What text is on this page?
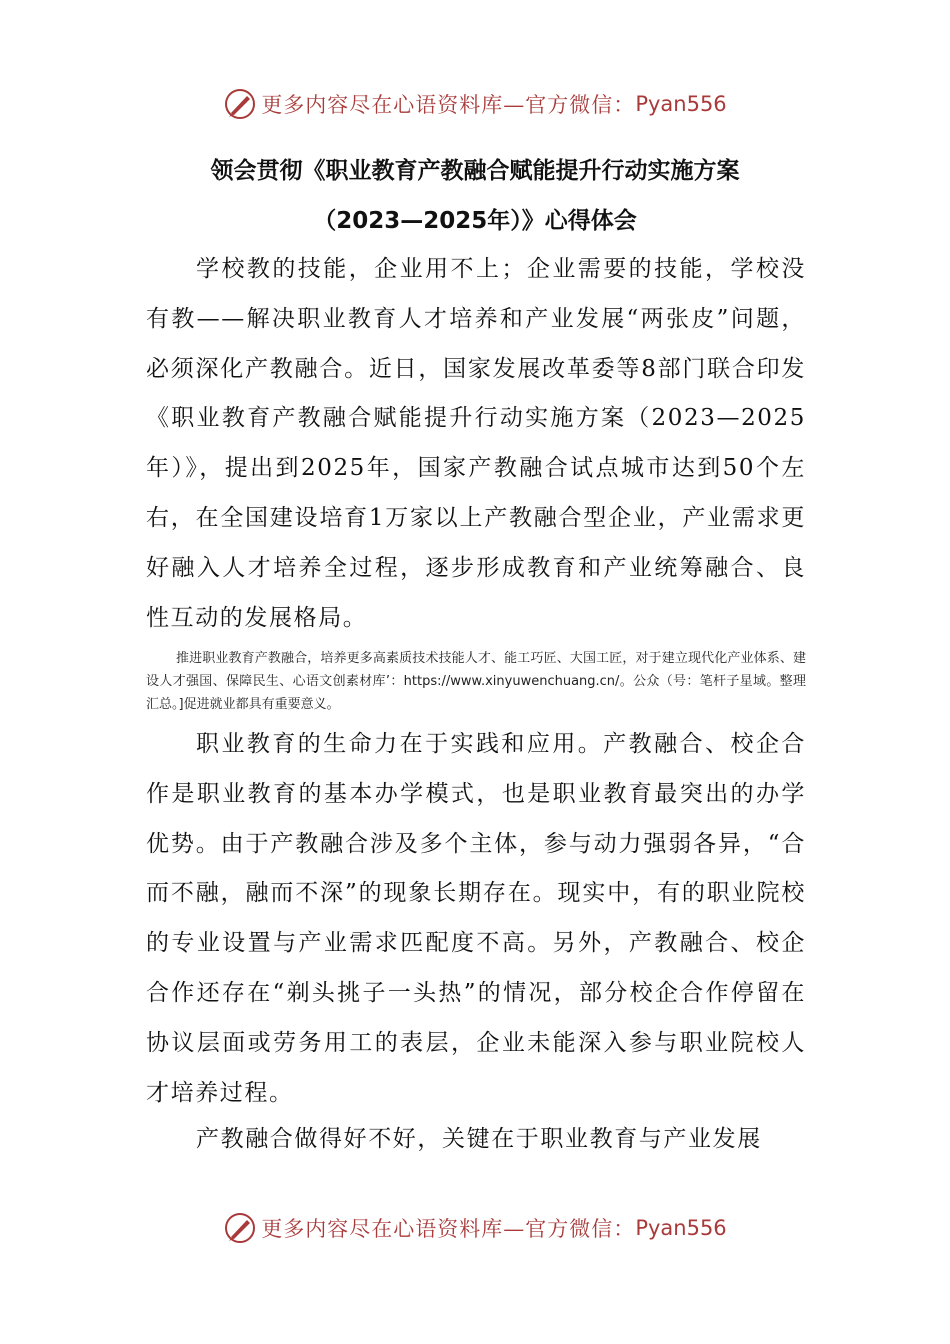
更多内容尽在心语资料库—官方微信： Pyan556
领会贯彻《职业教育产教融合赋能提升行动实施方案
（2023—2025年）》心得体会

学校教的技能，企业用不上；企业需要的技能，学校没有教——解决职业教育人才培养和产业发展“两张皮”问题，必须深化产教融合。近日，国家发展改革委等8部门联合印发《职业教育产教融合赋能提升行动实施方案（2023—2025年）》，提出到2025年，国家产教融合试点城市达到50个左右，在全国建设培育1万家以上产教融合型企业，产业需求更好融入人才培养全过程，逐步形成教育和产业统筹融合、良性互动的发展格局。

推进职业教育产教融合，培养更多高素质技术技能人才、能工巧匠、大国工匠，对于建立现代化产业体系、建设人才强国、保障民生、心语文创素材库’：https://www.xinyuwenchuang.cn/。公众（号：笔杆子星域。整理汇总。]促进就业都具有重要意义。

职业教育的生命力在于实践和应用。产教融合、校企合作是职业教育的基本办学模式，也是职业教育最突出的办学优势。由于产教融合涉及多个主体，参与动力强弱各异，“合而不融，融而不深”的现象长期存在。现实中，有的职业院校的专业设置与产业需求匹配度不高。另外，产教融合、校企合作还存在“剃头挑子一头热”的情况，部分校企合作停留在协议层面或劳务用工的表层，企业未能深入参与职业院校人才培养过程。

产教融合做得好不好，关键在于职业教育与产业发展

更多内容尽在心语资料库—官方微信： Pyan556
